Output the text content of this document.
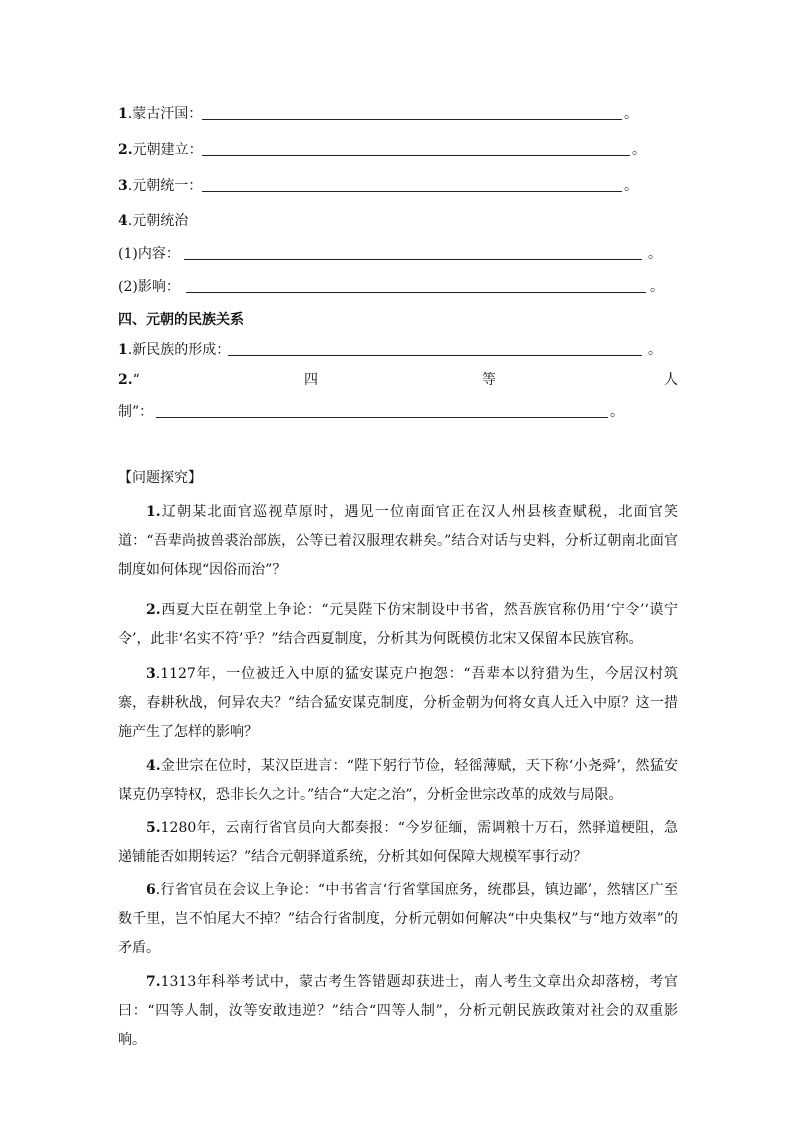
1.蒙古汗国：	。
2.元朝建立：	。
3.元朝统一：	。
4.元朝统治
(1)内容：	。
(2)影响：	。
四、元朝的民族关系
1.新民族的形成：	。
2.“	四	等	人
制”：	。
【问题探究】
1.辽朝某北面官巡视草原时，遇见一位南面官正在汉人州县核查赋税，北面官笑道：“吾辈尚披兽裘治部族，公等已着汉服理农耕矣。”结合对话与史料，分析辽朝南北面官制度如何体现“因俗而治”？
2.西夏大臣在朝堂上争论：“元昊陛下仿宋制设中书省，然吾族官称仍用‘宁令’‘谟宁令’，此非‘名实不符’乎？”结合西夏制度，分析其为何既模仿北宋又保留本民族官称。
3.1127年，一位被迁入中原的猛安谋克户抱怨：“吾辈本以狩猎为生，今居汉村筑寨，春耕秋战，何异农夫？”结合猛安谋克制度，分析金朝为何将女真人迁入中原？这一措施产生了怎样的影响？
4.金世宗在位时，某汉臣进言：“陛下躬行节俭，轻徭薄赋，天下称‘小尧舜’，然猛安谋克仍享特权，恐非长久之计。”结合“大定之治”，分析金世宗改革的成效与局限。
5.1280年，云南行省官员向大都奏报：“今岁征缅，需调粮十万石，然驿道梗阻，急递铺能否如期转运？”结合元朝驿道系统，分析其如何保障大规模军事行动？
6.行省官员在会议上争论：“中书省言‘行省掌国庶务，统郡县，镇边鄙’，然辖区广至数千里，岂不怕尾大不掉？”结合行省制度，分析元朝如何解决“中央集权”与“地方效率”的矛盾。
7.1313年科举考试中，蒙古考生答错题却获进士，南人考生文章出众却落榜，考官曰：“四等人制，汝等安敢违逆？”结合“四等人制”，分析元朝民族政策对社会的双重影响。
